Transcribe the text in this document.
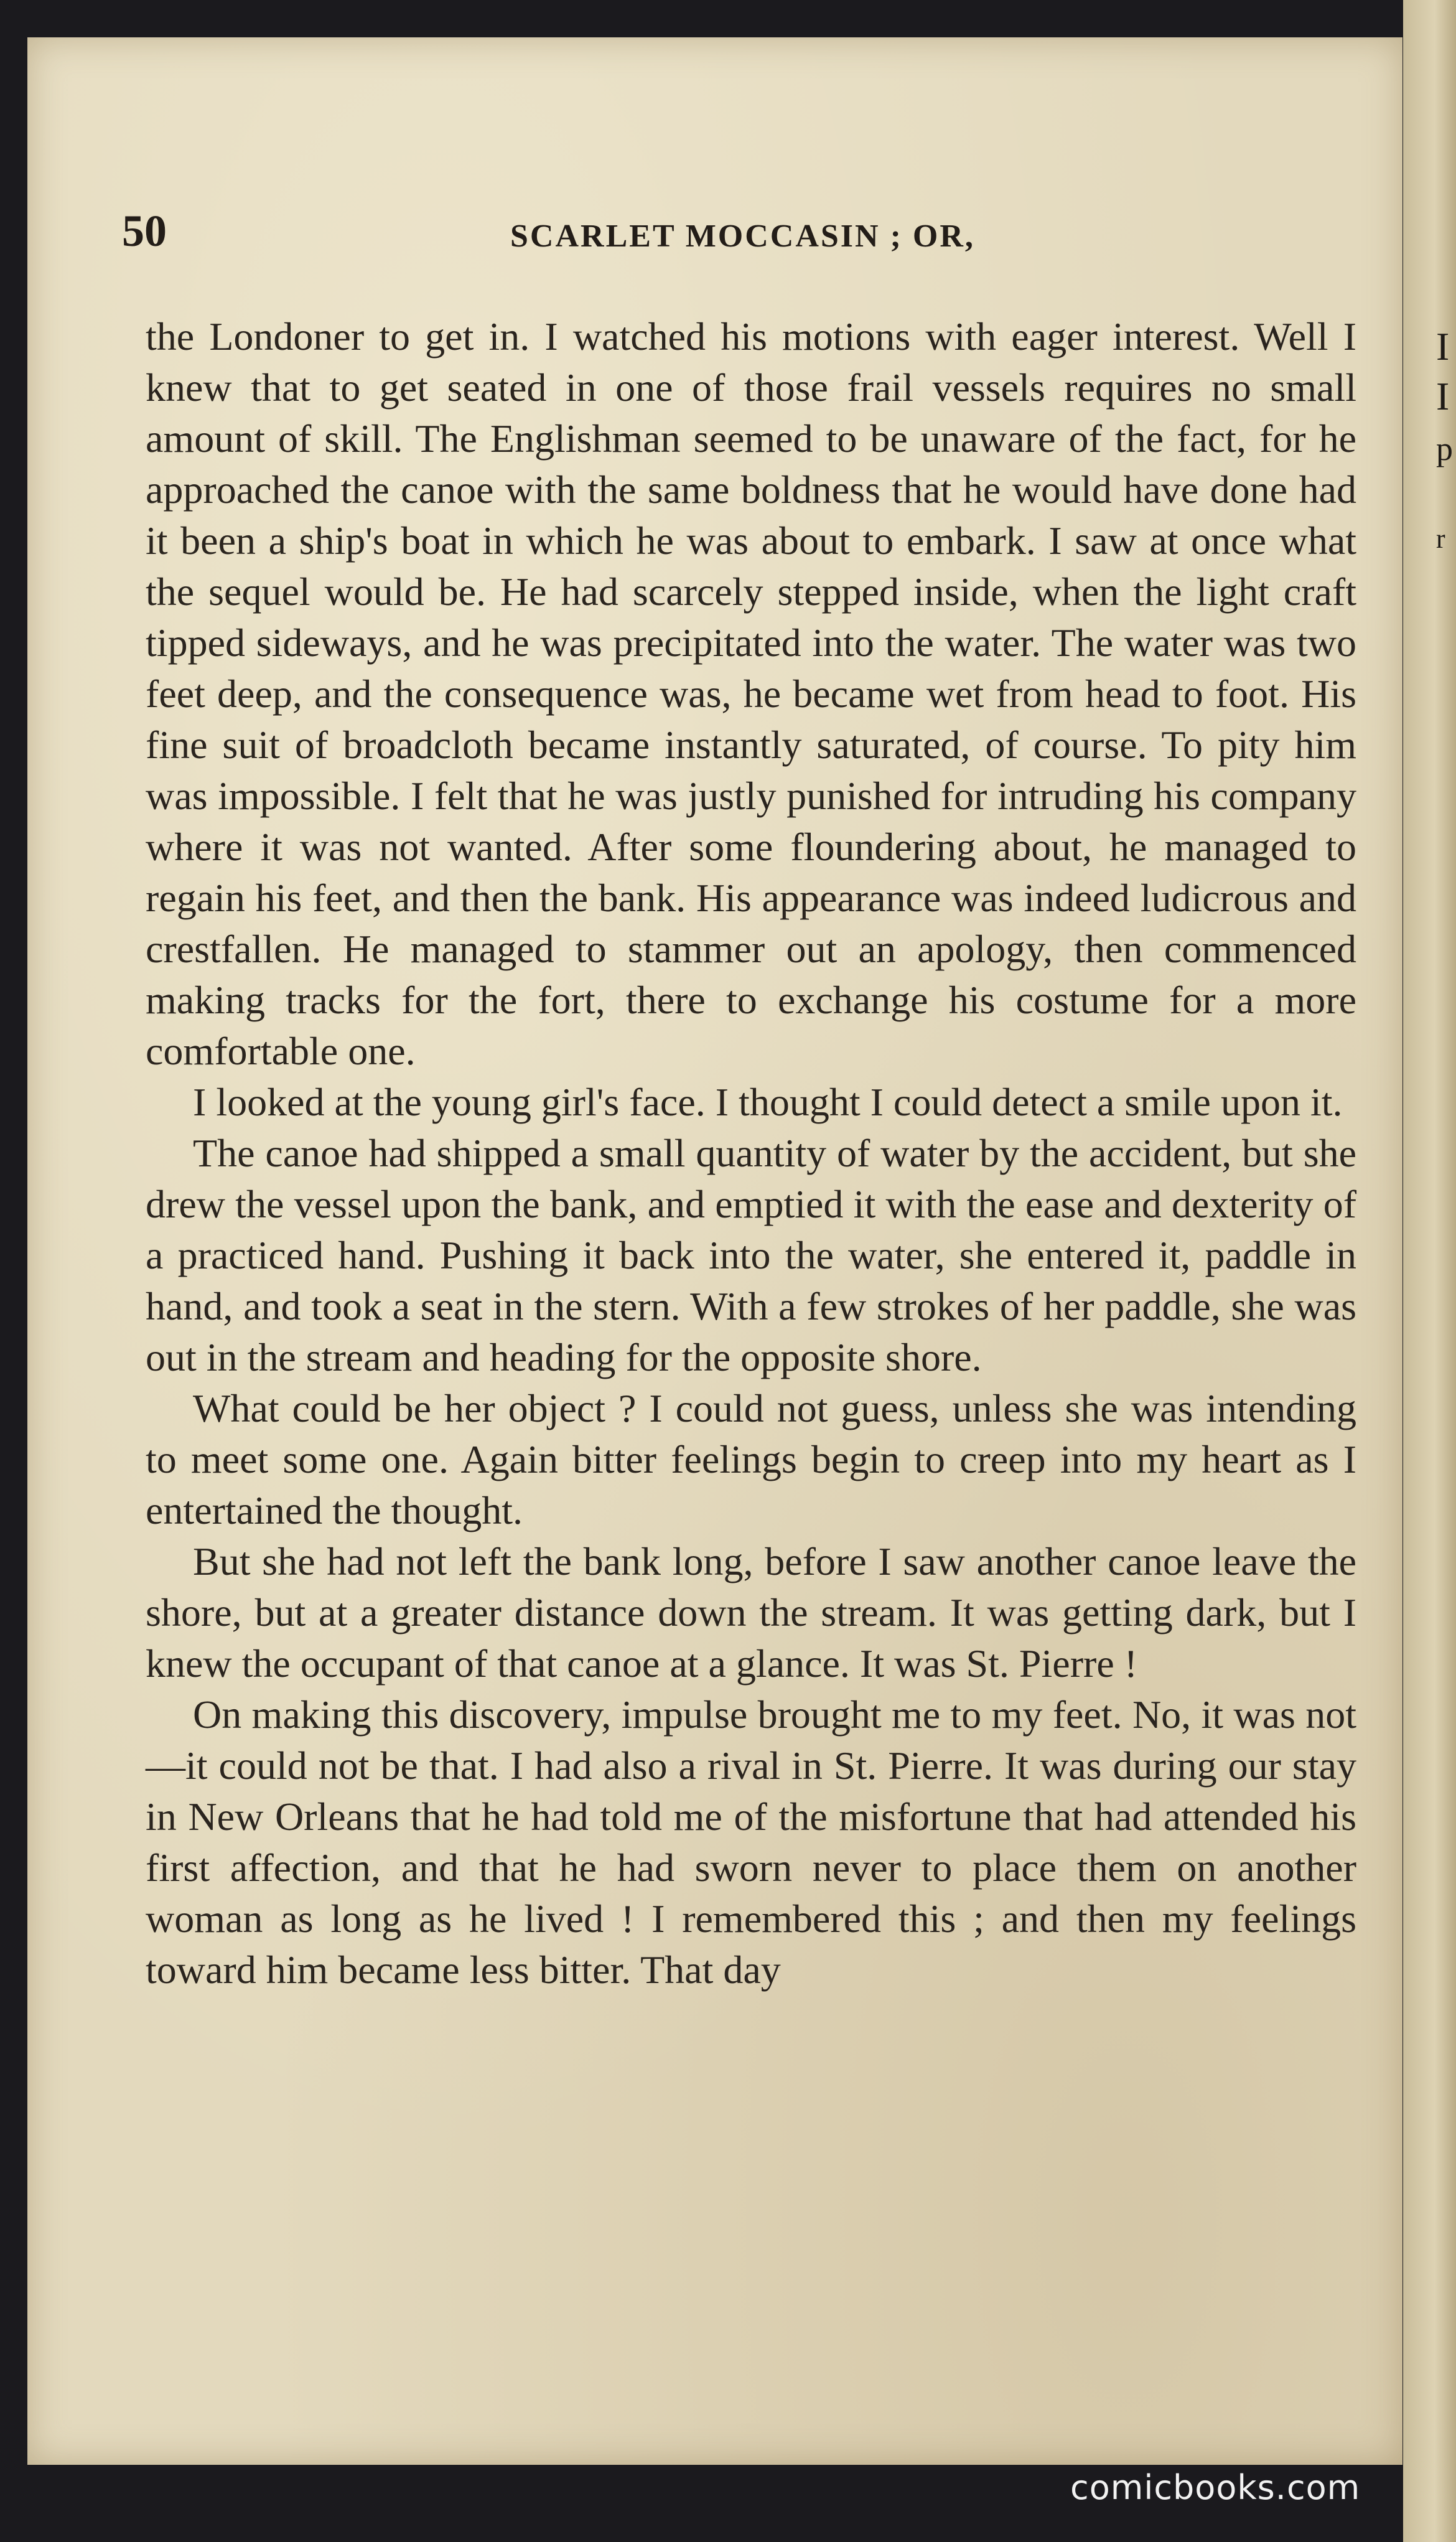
I
I
p
r
50	SCARLET MOCCASIN ; OR,

the Londoner to get in. I watched his motions with eager interest. Well I knew that to get seated in one of those frail vessels requires no small amount of skill. The Englishman seemed to be unaware of the fact, for he approached the canoe with the same boldness that he would have done had it been a ship's boat in which he was about to embark. I saw at once what the sequel would be. He had scarcely stepped inside, when the light craft tipped sideways, and he was precipitated into the water. The water was two feet deep, and the consequence was, he became wet from head to foot. His fine suit of broadcloth became instantly saturated, of course. To pity him was impossible. I felt that he was justly punished for intruding his company where it was not wanted. After some floundering about, he managed to regain his feet, and then the bank. His appearance was indeed ludicrous and crestfallen. He managed to stammer out an apology, then commenced making tracks for the fort, there to exchange his costume for a more comfortable one.

I looked at the young girl's face. I thought I could detect a smile upon it.

The canoe had shipped a small quantity of water by the accident, but she drew the vessel upon the bank, and emptied it with the ease and dexterity of a practiced hand. Pushing it back into the water, she entered it, paddle in hand, and took a seat in the stern. With a few strokes of her paddle, she was out in the stream and heading for the opposite shore.

What could be her object ? I could not guess, unless she was intending to meet some one. Again bitter feelings begin to creep into my heart as I entertained the thought.

But she had not left the bank long, before I saw another canoe leave the shore, but at a greater distance down the stream. It was getting dark, but I knew the occupant of that canoe at a glance. It was St. Pierre !

On making this discovery, impulse brought me to my feet. No, it was not—it could not be that. I had also a rival in St. Pierre. It was during our stay in New Orleans that he had told me of the misfortune that had attended his first affection, and that he had sworn never to place them on another woman as long as he lived ! I remembered this ; and then my feelings toward him became less bitter. That day

comicbooks.com
